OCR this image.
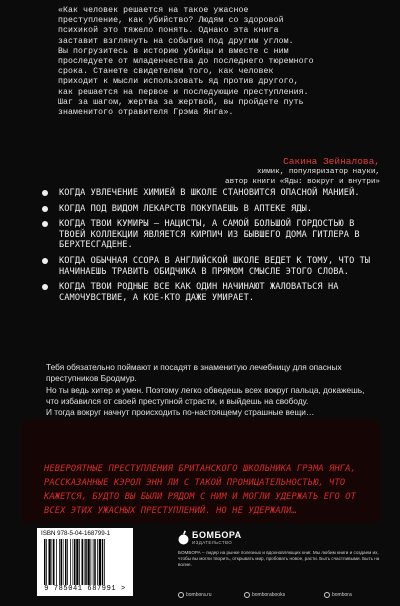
«Как человек решается на такое ужасное
преступление, как убийство? Людям со здоровой
психикой это тяжело понять. Однако эта книга
заставит взглянуть на события под другим углом.
Вы погрузитесь в историю убийцы и вместе с ним
проследуете от младенчества до последнего тюремного
срока. Станете свидетелем того, как человек
приходит к мысли использовать яд против другого,
как решается на первое и последующие преступления.
Шаг за шагом, жертва за жертвой, вы пройдете путь
знаменитого отравителя Грэма Янга».
Сакина Зейналова,
химик, популяризатор науки,
автор книги «Яды: вокруг и внутри»
КОГДА УВЛЕЧЕНИЕ ХИМИЕЙ В ШКОЛЕ СТАНОВИТСЯ ОПАСНОЙ МАНИЕЙ.
КОГДА ПОД ВИДОМ ЛЕКАРСТВ ПОКУПАЕШЬ В АПТЕКЕ ЯДЫ.
КОГДА ТВОИ КУМИРЫ – НАЦИСТЫ, А САМОЙ БОЛЬШОЙ ГОРДОСТЬЮ В ТВОЕЙ КОЛЛЕКЦИИ ЯВЛЯЕТСЯ КИРПИЧ ИЗ БЫВШЕГО ДОМА ГИТЛЕРА В БЕРХТЕСГАДЕНЕ.
КОГДА ОБЫЧНАЯ ССОРА В АНГЛИЙСКОЙ ШКОЛЕ ВЕДЕТ К ТОМУ, ЧТО ТЫ НАЧИНАЕШЬ ТРАВИТЬ ОБИДЧИКА В ПРЯМОМ СМЫСЛЕ ЭТОГО СЛОВА.
КОГДА ТВОИ РОДНЫЕ ВСЕ КАК ОДИН НАЧИНАЮТ ЖАЛОВАТЬСЯ НА САМОЧУВСТВИЕ, А КОЕ-КТО ДАЖЕ УМИРАЕТ.

Тебя обязательно поймают и посадят в знаменитую лечебницу для опасных преступников Бродмур.

Но ты ведь хитер и умен. Поэтому легко обведешь всех вокруг пальца, докажешь, что избавился от своей преступной страсти, и выйдешь на свободу.

И тогда вокруг начнут происходить по-настоящему страшные вещи…

НЕВЕРОЯТНЫЕ ПРЕСТУПЛЕНИЯ БРИТАНСКОГО ШКОЛЬНИКА ГРЭМА ЯНГА, РАССКАЗАННЫЕ КЭРОЛ ЭНН ЛИ С ТАКОЙ ПРОНИЦАТЕЛЬНОСТЬЮ, ЧТО КАЖЕТСЯ, БУДТО ВЫ БЫЛИ РЯДОМ С НИМ И МОГЛИ УДЕРЖАТЬ ЕГО ОТ ВСЕХ ЭТИХ УЖАСНЫХ ПРЕСТУПЛЕНИЙ. НО НЕ УДЕРЖАЛИ…
ISBN 978-5-04-168799-1
9 785041 687991 >
БОМБОРА
ИЗДАТЕЛЬСТВО
БОМБОРА – лидер на рынке полезных и вдохновляющих книг. Мы любим книги и создаем их, чтобы вы могли творить, открывать мир, пробовать новое, расти. Быть счастливыми. Быть на волне.
bombora.ru	bomborabooks	bombora
